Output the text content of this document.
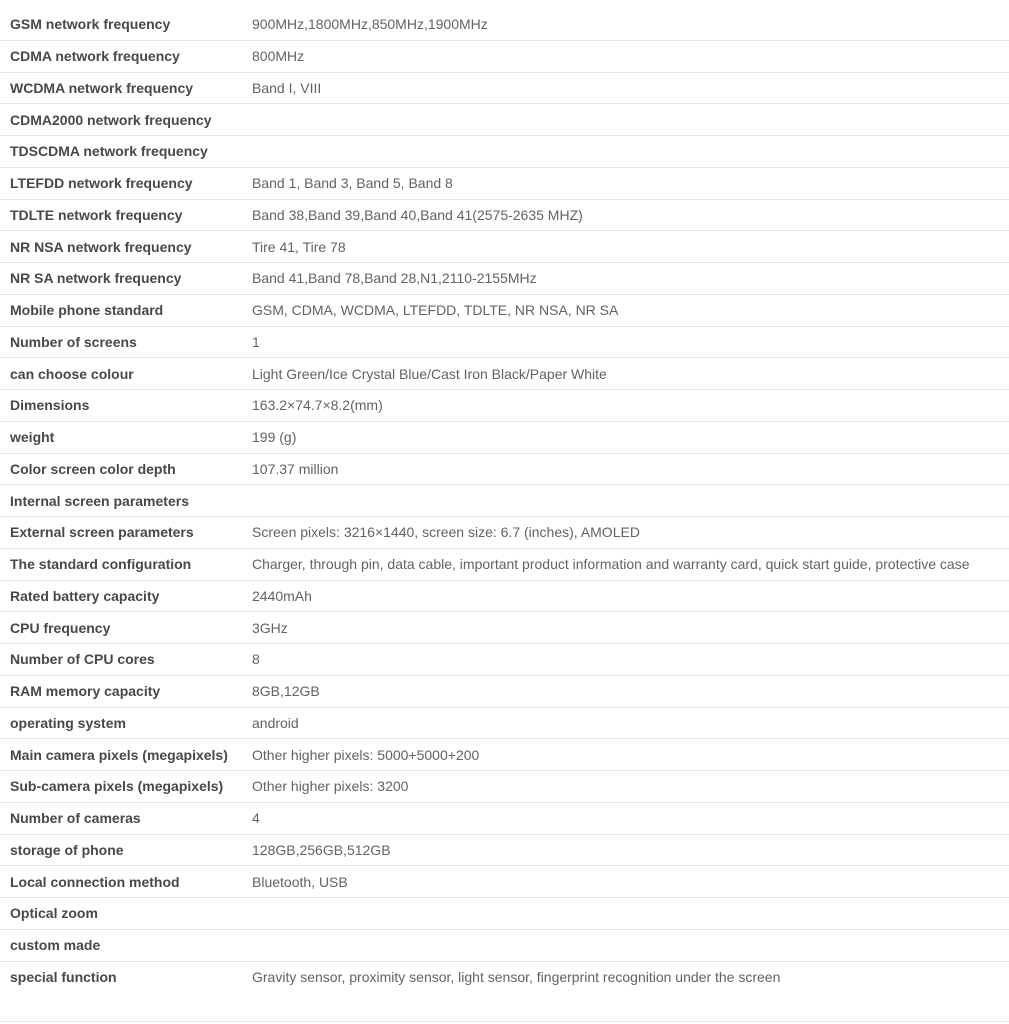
GSM network frequency	900MHz,1800MHz,850MHz,1900MHz
CDMA network frequency	800MHz
WCDMA network frequency	Band I, VIII
CDMA2000 network frequency
TDSCDMA network frequency
LTEFDD network frequency	Band 1, Band 3, Band 5, Band 8
TDLTE network frequency	Band 38,Band 39,Band 40,Band 41(2575-2635 MHZ)
NR NSA network frequency	Tire 41, Tire 78
NR SA network frequency	Band 41,Band 78,Band 28,N1,2110-2155MHz
Mobile phone standard	GSM, CDMA, WCDMA, LTEFDD, TDLTE, NR NSA, NR SA
Number of screens	1
can choose colour	Light Green/Ice Crystal Blue/Cast Iron Black/Paper White
Dimensions	163.2×74.7×8.2(mm)
weight	199 (g)
Color screen color depth	107.37 million
Internal screen parameters
External screen parameters	Screen pixels: 3216×1440, screen size: 6.7 (inches), AMOLED
The standard configuration	Charger, through pin, data cable, important product information and warranty card, quick start guide, protective case
Rated battery capacity	2440mAh
CPU frequency	3GHz
Number of CPU cores	8
RAM memory capacity	8GB,12GB
operating system	android
Main camera pixels (megapixels)	Other higher pixels: 5000+5000+200
Sub-camera pixels (megapixels)	Other higher pixels: 3200
Number of cameras	4
storage of phone	128GB,256GB,512GB
Local connection method	Bluetooth, USB
Optical zoom
custom made
special function	Gravity sensor, proximity sensor, light sensor, fingerprint recognition under the screen
